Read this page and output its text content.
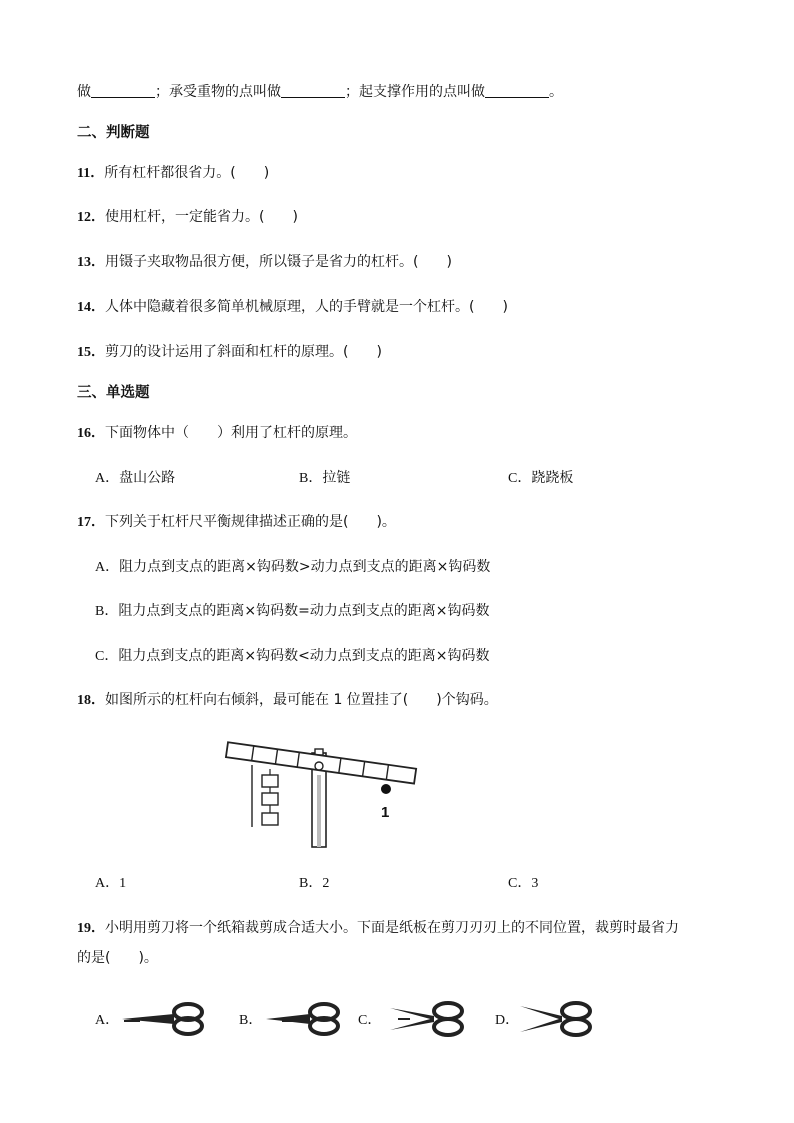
做	；承受重物的点叫做	；起支撑作用的点叫做	。
二、判断题
11．所有杠杆都很省力。(　　)
12．使用杠杆，一定能省力。(　　)
13．用镊子夹取物品很方便，所以镊子是省力的杠杆。(　　)
14．人体中隐藏着很多简单机械原理，人的手臂就是一个杠杆。(　　)
15．剪刀的设计运用了斜面和杠杆的原理。(　　)
三、单选题
16．下面物体中（　　）利用了杠杆的原理。
A．盘山公路	B．拉链	C．跷跷板
17．下列关于杠杆尺平衡规律描述正确的是(　　)。
A．阻力点到支点的距离×钩码数>动力点到支点的距离×钩码数
B．阻力点到支点的距离×钩码数=动力点到支点的距离×钩码数
C．阻力点到支点的距离×钩码数<动力点到支点的距离×钩码数
18．如图所示的杠杆向右倾斜，最可能在 1 位置挂了(　　)个钩码。
1
A．1	B．2	C．3
19．小明用剪刀将一个纸箱裁剪成合适大小。下面是纸板在剪刀刃刃上的不同位置，裁剪时最省力
的是(　　)。
A．	B．	C．	D．
